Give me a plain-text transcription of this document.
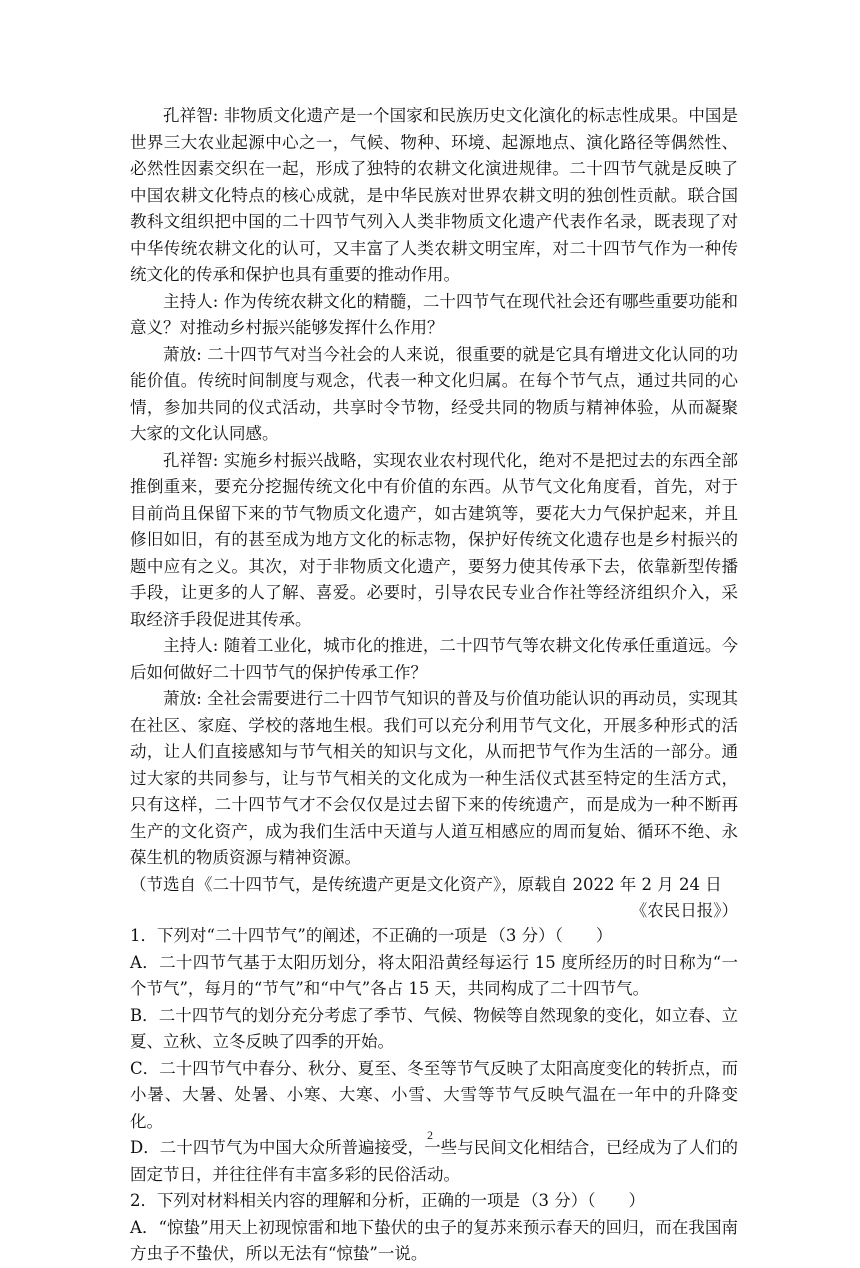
孔祥智 : 非物质文化遗产是一个国家和民族历史文化演化的标志性成果。中国是世界三大农业起源中心之一，气候、物种、环境、起源地点、演化路径等偶然性、必然性因素交织在一起，形成了独特的农耕文化演进规律。二十四节气就是反映了中国农耕文化特点的核心成就，是中华民族对世界农耕文明的独创性贡献。联合国教科文组织把中国的二十四节气列入人类非物质文化遗产代表作名录，既表现了对中华传统农耕文化的认可，又丰富了人类农耕文明宝库，对二十四节气作为一种传统文化的传承和保护也具有重要的推动作用。

主持人 : 作为传统农耕文化的精髓，二十四节气在现代社会还有哪些重要功能和意义？对推动乡村振兴能够发挥什么作用？

萧放 : 二十四节气对当今社会的人来说，很重要的就是它具有增进文化认同的功能价值。传统时间制度与观念，代表一种文化归属。在每个节气点，通过共同的心情，参加共同的仪式活动，共享时令节物，经受共同的物质与精神体验，从而凝聚大家的文化认同感。

孔祥智 : 实施乡村振兴战略，实现农业农村现代化，绝对不是把过去的东西全部推倒重来，要充分挖掘传统文化中有价值的东西。从节气文化角度看，首先，对于目前尚且保留下来的节气物质文化遗产，如古建筑等，要花大力气保护起来，并且修旧如旧，有的甚至成为地方文化的标志物，保护好传统文化遗存也是乡村振兴的题中应有之义。其次，对于非物质文化遗产，要努力使其传承下去，依靠新型传播手段，让更多的人了解、喜爱。必要时，引导农民专业合作社等经济组织介入，采取经济手段促进其传承。

主持人 : 随着工业化，城市化的推进，二十四节气等农耕文化传承任重道远。今后如何做好二十四节气的保护传承工作？

萧放 : 全社会需要进行二十四节气知识的普及与价值功能认识的再动员，实现其在社区、家庭、学校的落地生根。我们可以充分利用节气文化，开展多种形式的活动，让人们直接感知与节气相关的知识与文化，从而把节气作为生活的一部分。通过大家的共同参与，让与节气相关的文化成为一种生活仪式甚至特定的生活方式，只有这样，二十四节气才不会仅仅是过去留下来的传统遗产，而是成为一种不断再生产的文化资产，成为我们生活中天道与人道互相感应的周而复始、循环不绝、永葆生机的物质资源与精神资源。

（节选自《二十四节气，是传统遗产更是文化资产》，原载自 2022 年 2 月 24 日

《农民日报》）

1．下列对“二十四节气”的阐述，不正确的一项是 （3 分）（　　）

A．二十四节气基于太阳历划分，将太阳沿黄经每运行 15 度所经历的时日称为“一个节气”，每月的“节气”和“中气”各占 15 天，共同构成了二十四节气。

B．二十四节气的划分充分考虑了季节、气候、物候等自然现象的变化，如立春、立夏、立秋、立冬反映了四季的开始。

C．二十四节气中春分、秋分、夏至、冬至等节气反映了太阳高度变化的转折点，而小暑、大暑、处暑、小寒、大寒、小雪、大雪等节气反映气温在一年中的升降变化。

D．二十四节气为中国大众所普遍接受，一些与民间文化相结合，已经成为了人们的固定节日，并往往伴有丰富多彩的民俗活动。

2．下列对材料相关内容的理解和分析，正确的一项是 （3 分）（　　）

A．“惊蛰”用天上初现惊雷和地下蛰伏的虫子的复苏来预示春天的回归，而在我国南方虫子不蛰伏，所以无法有“惊蛰”一说。

2
